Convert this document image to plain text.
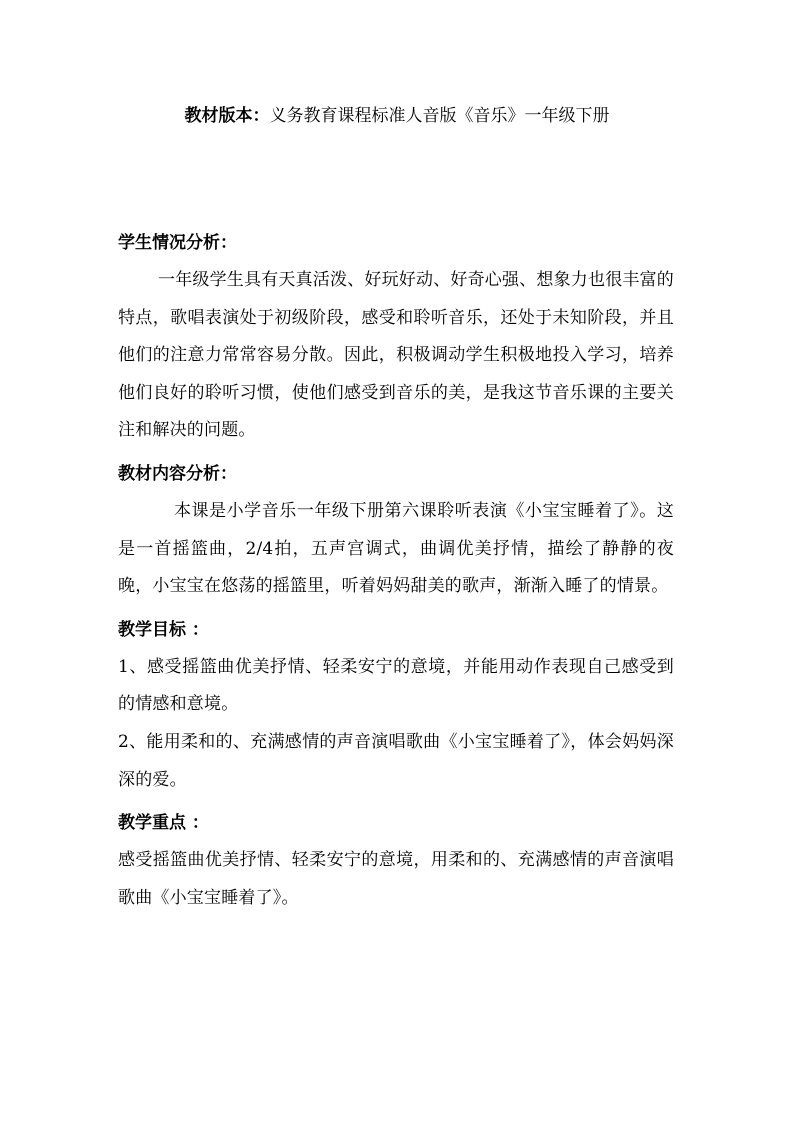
教材版本：义务教育课程标准人音版《音乐》一年级下册

学生情况分析：

一年级学生具有天真活泼、好玩好动、好奇心强、想象力也很丰富的特点，歌唱表演处于初级阶段，感受和聆听音乐，还处于未知阶段，并且他们的注意力常常容易分散。因此，积极调动学生积极地投入学习，培养他们良好的聆听习惯，使他们感受到音乐的美，是我这节音乐课的主要关注和解决的问题。

教材内容分析：

本课是小学音乐一年级下册第六课聆听表演《小宝宝睡着了》。这是一首摇篮曲，2/4拍，五声宫调式，曲调优美抒情，描绘了静静的夜晚，小宝宝在悠荡的摇篮里，听着妈妈甜美的歌声，渐渐入睡了的情景。

教学目标 ：

1、感受摇篮曲优美抒情、轻柔安宁的意境，并能用动作表现自己感受到的情感和意境。

2、能用柔和的、充满感情的声音演唱歌曲《小宝宝睡着了》，体会妈妈深深的爱。

教学重点 ：

感受摇篮曲优美抒情、轻柔安宁的意境，用柔和的、充满感情的声音演唱歌曲《小宝宝睡着了》。
